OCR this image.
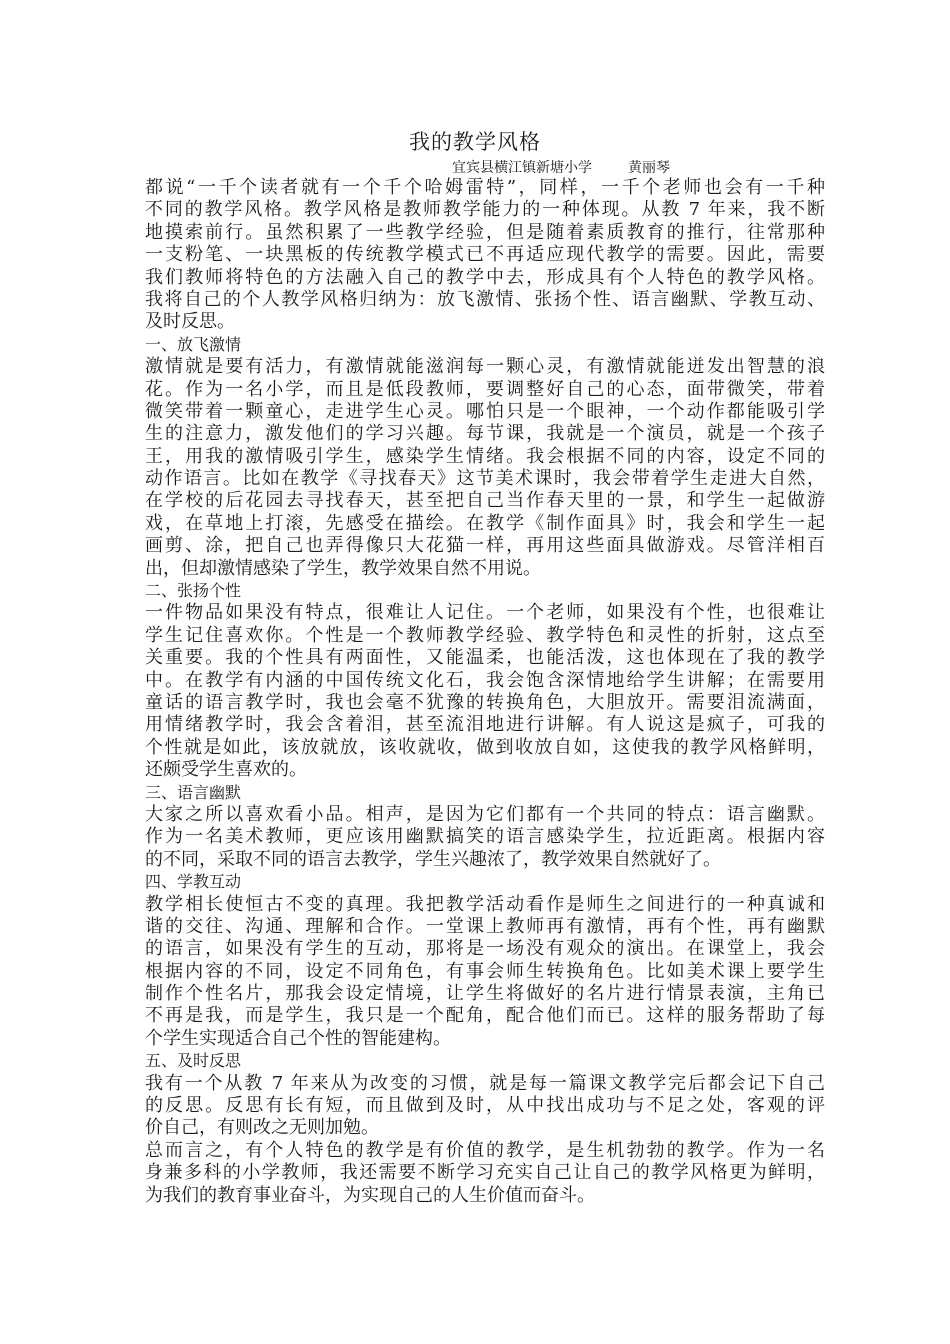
我的教学风格
宜宾县横江镇新塘小学	黄丽琴
都说“一千个读者就有一个千个哈姆雷特”，同样，一千个老师也会有一千种
不同的教学风格。教学风格是教师教学能力的一种体现。从教 7 年来，我不断
地摸索前行。虽然积累了一些教学经验，但是随着素质教育的推行，往常那种
一支粉笔、一块黑板的传统教学模式已不再适应现代教学的需要。因此，需要
我们教师将特色的方法融入自己的教学中去，形成具有个人特色的教学风格。
我将自己的个人教学风格归纳为：放飞激情、张扬个性、语言幽默、学教互动、
及时反思。
一、放飞激情
激情就是要有活力，有激情就能滋润每一颗心灵，有激情就能迸发出智慧的浪
花。作为一名小学，而且是低段教师，要调整好自己的心态，面带微笑，带着
微笑带着一颗童心，走进学生心灵。哪怕只是一个眼神，一个动作都能吸引学
生的注意力，激发他们的学习兴趣。每节课，我就是一个演员，就是一个孩子
王，用我的激情吸引学生，感染学生情绪。我会根据不同的内容，设定不同的
动作语言。比如在教学《寻找春天》这节美术课时，我会带着学生走进大自然，
在学校的后花园去寻找春天，甚至把自己当作春天里的一景，和学生一起做游
戏，在草地上打滚，先感受在描绘。在教学《制作面具》时，我会和学生一起
画剪、涂，把自己也弄得像只大花猫一样，再用这些面具做游戏。尽管洋相百
出，但却激情感染了学生，教学效果自然不用说。
二、张扬个性
一件物品如果没有特点，很难让人记住。一个老师，如果没有个性，也很难让
学生记住喜欢你。个性是一个教师教学经验、教学特色和灵性的折射，这点至
关重要。我的个性具有两面性，又能温柔，也能活泼，这也体现在了我的教学
中。在教学有内涵的中国传统文化石，我会饱含深情地给学生讲解；在需要用
童话的语言教学时，我也会毫不犹豫的转换角色，大胆放开。需要泪流满面，
用情绪教学时，我会含着泪，甚至流泪地进行讲解。有人说这是疯子，可我的
个性就是如此，该放就放，该收就收，做到收放自如，这使我的教学风格鲜明，
还颇受学生喜欢的。
三、语言幽默
大家之所以喜欢看小品。相声，是因为它们都有一个共同的特点：语言幽默。
作为一名美术教师，更应该用幽默搞笑的语言感染学生，拉近距离。根据内容
的不同，采取不同的语言去教学，学生兴趣浓了，教学效果自然就好了。
四、学教互动
教学相长使恒古不变的真理。我把教学活动看作是师生之间进行的一种真诚和
谐的交往、沟通、理解和合作。一堂课上教师再有激情，再有个性，再有幽默
的语言，如果没有学生的互动，那将是一场没有观众的演出。在课堂上，我会
根据内容的不同，设定不同角色，有事会师生转换角色。比如美术课上要学生
制作个性名片，那我会设定情境，让学生将做好的名片进行情景表演，主角已
不再是我，而是学生，我只是一个配角，配合他们而已。这样的服务帮助了每
个学生实现适合自己个性的智能建构。
五、及时反思
我有一个从教 7 年来从为改变的习惯，就是每一篇课文教学完后都会记下自己
的反思。反思有长有短，而且做到及时，从中找出成功与不足之处，客观的评
价自己，有则改之无则加勉。
总而言之，有个人特色的教学是有价值的教学，是生机勃勃的教学。作为一名
身兼多科的小学教师，我还需要不断学习充实自己让自己的教学风格更为鲜明，
为我们的教育事业奋斗，为实现自己的人生价值而奋斗。
